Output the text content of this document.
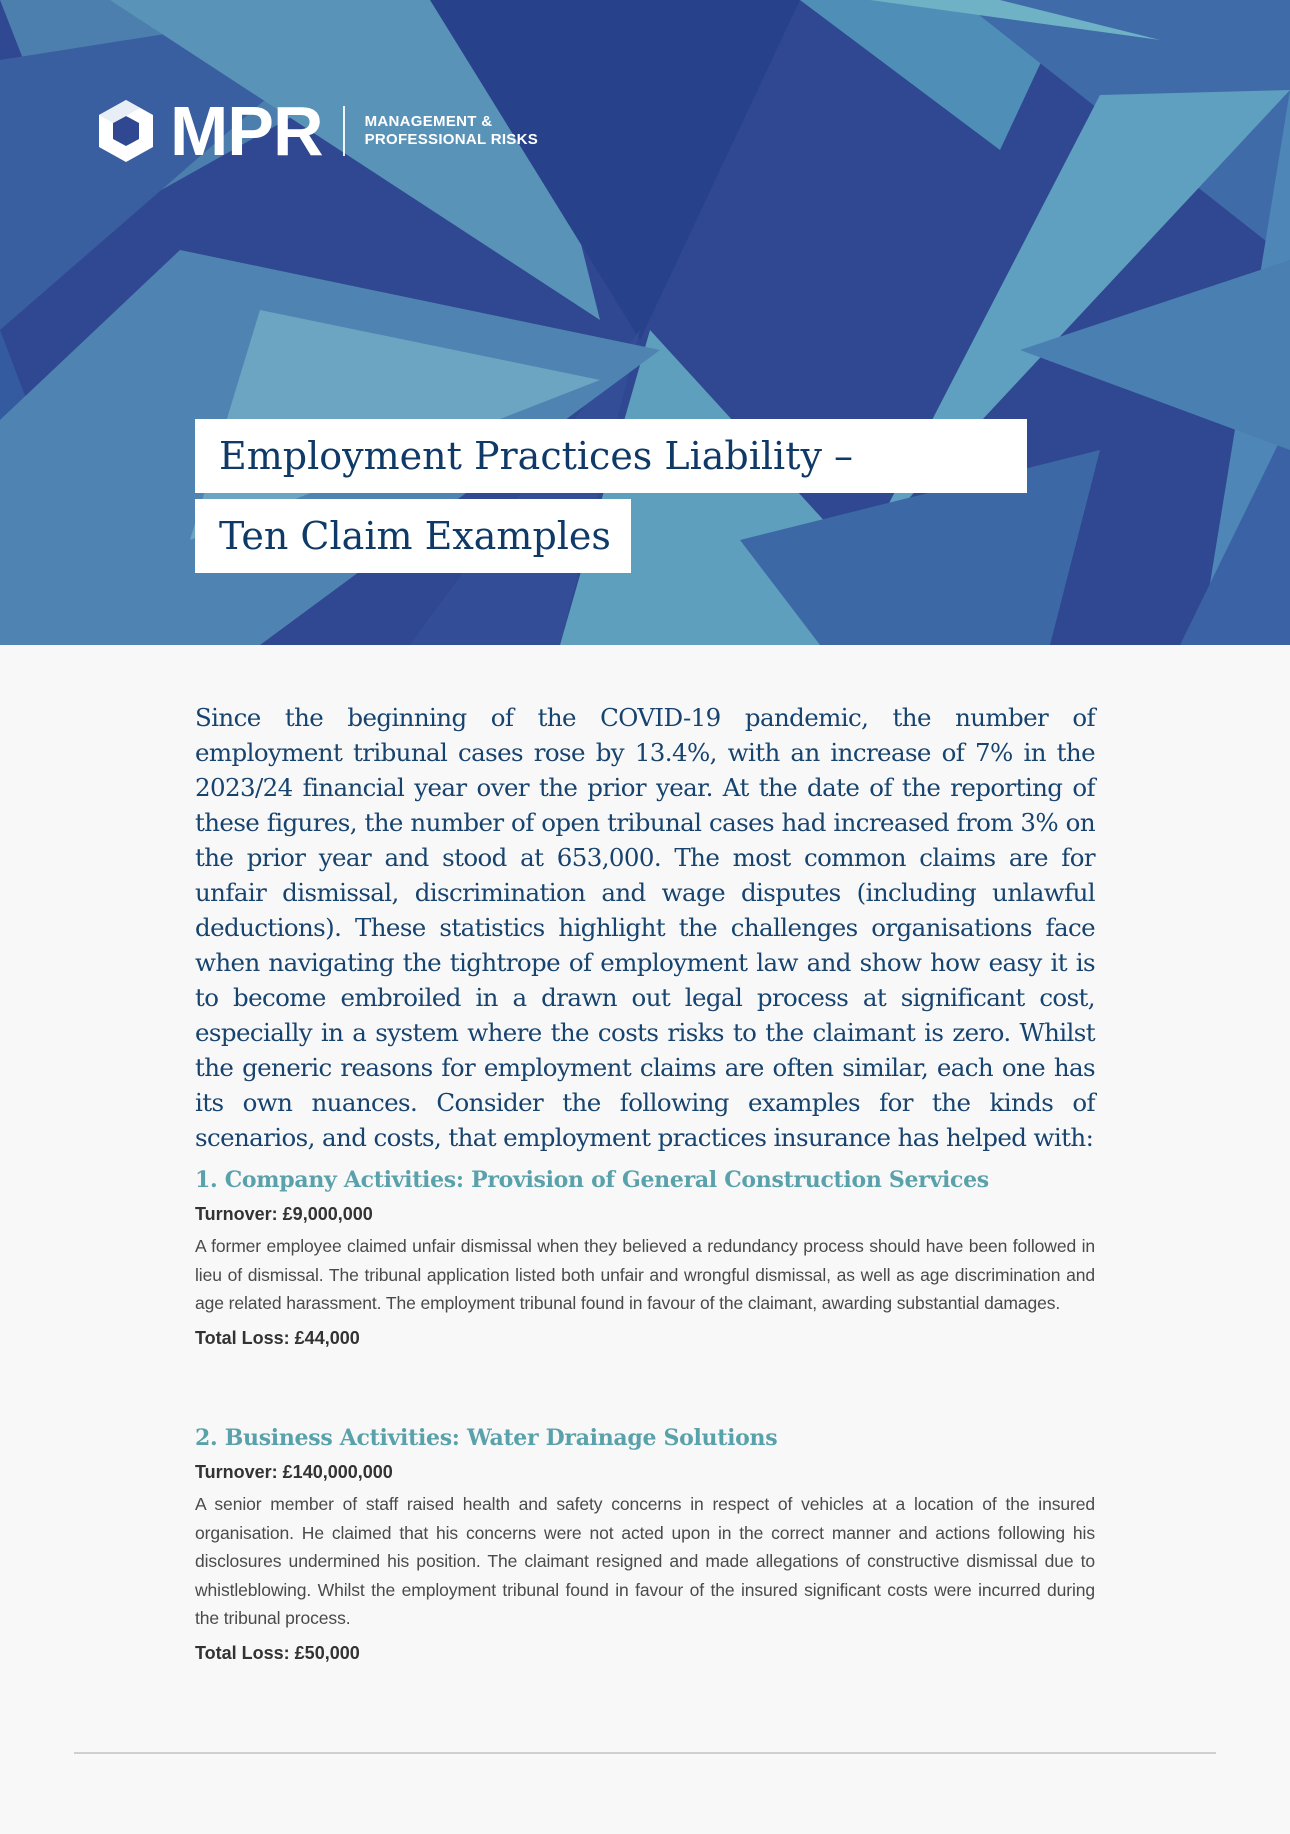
MPR	MANAGEMENT &
PROFESSIONAL RISKS
Employment Practices Liability –
Ten Claim Examples

Since the beginning of the COVID-19 pandemic, the number of employment tribunal cases rose by 13.4%, with an increase of 7% in the 2023/24 financial year over the prior year. At the date of the reporting of these figures, the number of open tribunal cases had increased from 3% on the prior year and stood at 653,000. The most common claims are for unfair dismissal, discrimination and wage disputes (including unlawful deductions). These statistics highlight the challenges organisations face when navigating the tightrope of employment law and show how easy it is to become embroiled in a drawn out legal process at significant cost, especially in a system where the costs risks to the claimant is zero. Whilst the generic reasons for employment claims are often similar, each one has its own nuances. Consider the following examples for the kinds of scenarios, and costs, that employment practices insurance has helped with:

1. Company Activities: Provision of General Construction Services
Turnover: £9,000,000

A former employee claimed unfair dismissal when they believed a redundancy process should have been followed in lieu of dismissal. The tribunal application listed both unfair and wrongful dismissal, as well as age discrimination and age related harassment. The employment tribunal found in favour of the claimant, awarding substantial damages.

Total Loss: £44,000
2. Business Activities: Water Drainage Solutions
Turnover: £140,000,000

A senior member of staff raised health and safety concerns in respect of vehicles at a location of the insured organisation. He claimed that his concerns were not acted upon in the correct manner and actions following his disclosures undermined his position. The claimant resigned and made allegations of constructive dismissal due to whistleblowing. Whilst the employment tribunal found in favour of the insured significant costs were incurred during the tribunal process.

Total Loss: £50,000
